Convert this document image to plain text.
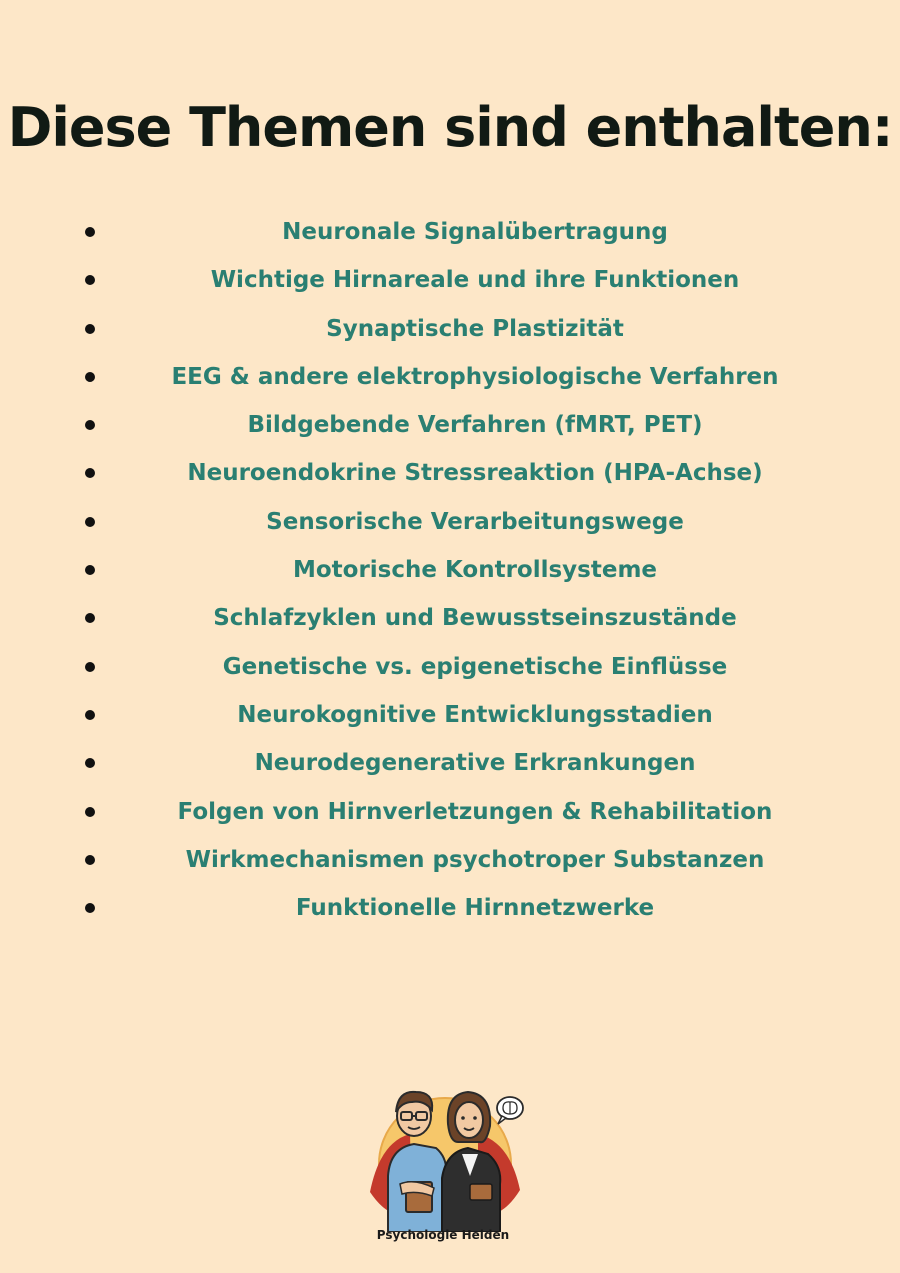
Diese Themen sind enthalten:
Neuronale Signalübertragung
Wichtige Hirnareale und ihre Funktionen
Synaptische Plastizität
EEG & andere elektrophysiologische Verfahren
Bildgebende Verfahren (fMRT, PET)
Neuroendokrine Stressreaktion (HPA-Achse)
Sensorische Verarbeitungswege
Motorische Kontrollsysteme
Schlafzyklen und Bewusstseinszustände
Genetische vs. epigenetische Einflüsse
Neurokognitive Entwicklungsstadien
Neurodegenerative Erkrankungen
Folgen von Hirnverletzungen & Rehabilitation
Wirkmechanismen psychotroper Substanzen
Funktionelle Hirnnetzwerke
Psychologie Helden
